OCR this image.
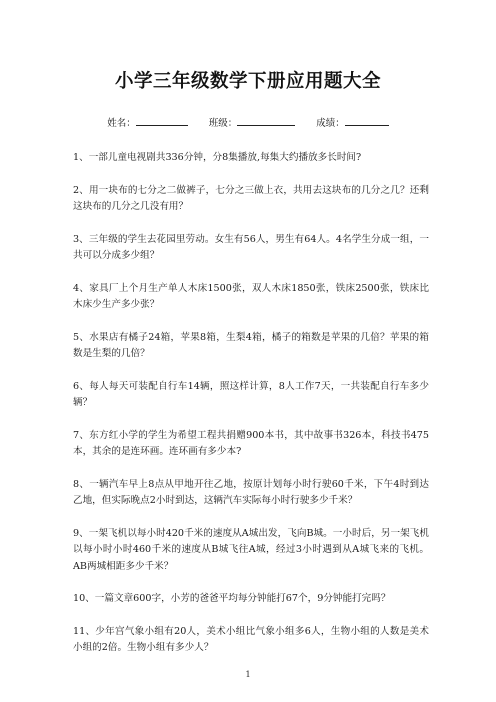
小学三年级数学下册应用题大全
姓名：	班级：	成绩：

1、一部儿童电视剧共336分钟，分8集播放,每集大约播放多长时间?

2、用一块布的七分之二做裤子，七分之三做上衣，共用去这块布的几分之几？还剩这块布的几分之几没有用？

3、三年级的学生去花园里劳动。女生有56人，男生有64人。4名学生分成一组，一共可以分成多少组？

4、家具厂上个月生产单人木床1500张，双人木床1850张，铁床2500张，铁床比木床少生产多少张？

5、水果店有橘子24箱，苹果8箱，生梨4箱，橘子的箱数是苹果的几倍？苹果的箱数是生梨的几倍？

6、每人每天可装配自行车14辆，照这样计算，8人工作7天，一共装配自行车多少辆？

7、东方红小学的学生为希望工程共捐赠900本书，其中故事书326本，科技书475本，其余的是连环画。连环画有多少本?

8、一辆汽车早上8点从甲地开往乙地，按原计划每小时行驶60千米，下午4时到达乙地，但实际晚点2小时到达，这辆汽车实际每小时行驶多少千米？

9、一架飞机以每小时420千米的速度从A城出发，飞向B城。一小时后，另一架飞机以每小时小时460千米的速度从B城飞往A城，经过3小时遇到从A城飞来的飞机。AB两城相距多少千米？

10、一篇文章600字，小芳的爸爸平均每分钟能打67个，9分钟能打完吗？

11、少年宫气象小组有20人，美术小组比气象小组多6人，生物小组的人数是美术小组的2倍。生物小组有多少人？

1
